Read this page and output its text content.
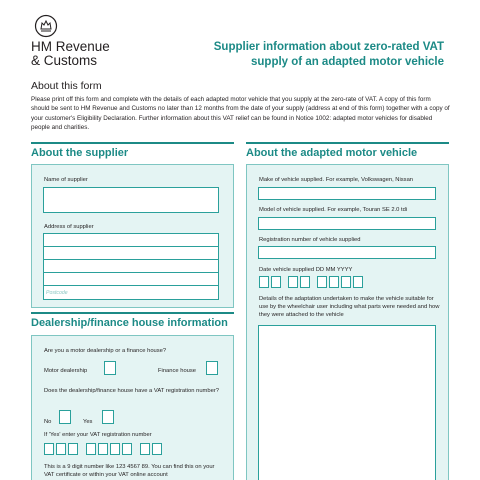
HM Revenue
& Customs
Supplier information about zero-rated VAT
supply of an adapted motor vehicle
About this form
Please print off this form and complete with the details of each adapted motor vehicle that you supply at the zero-rate of VAT. A copy of this form should be sent to HM Revenue and Customs no later than 12 months from the date of your supply (address at end of this form) together with a copy of your customer's Eligibility Declaration. Further information about this VAT relief can be found in Notice 1002: adapted motor vehicles for disabled people and charities.
About the supplier
Name of supplier
Address of supplier
Postcode
Dealership/finance house information
Are you a motor dealership or a finance house?
Motor dealership	Finance house
Does the dealership/finance house have a VAT registration number?
No	Yes
If 'Yes' enter your VAT registration number
This is a 9 digit number like 123 4567 89. You can find this on your VAT certificate or within your VAT online account
About the adapted motor vehicle
Make of vehicle supplied. For example, Volkswagen, Nissan
Model of vehicle supplied. For example, Touran SE 2.0 tdi
Registration number of vehicle supplied
Date vehicle supplied DD MM YYYY
Details of the adaptation undertaken to make the vehicle suitable for use by the wheelchair user including what parts were needed and how they were attached to the vehicle
